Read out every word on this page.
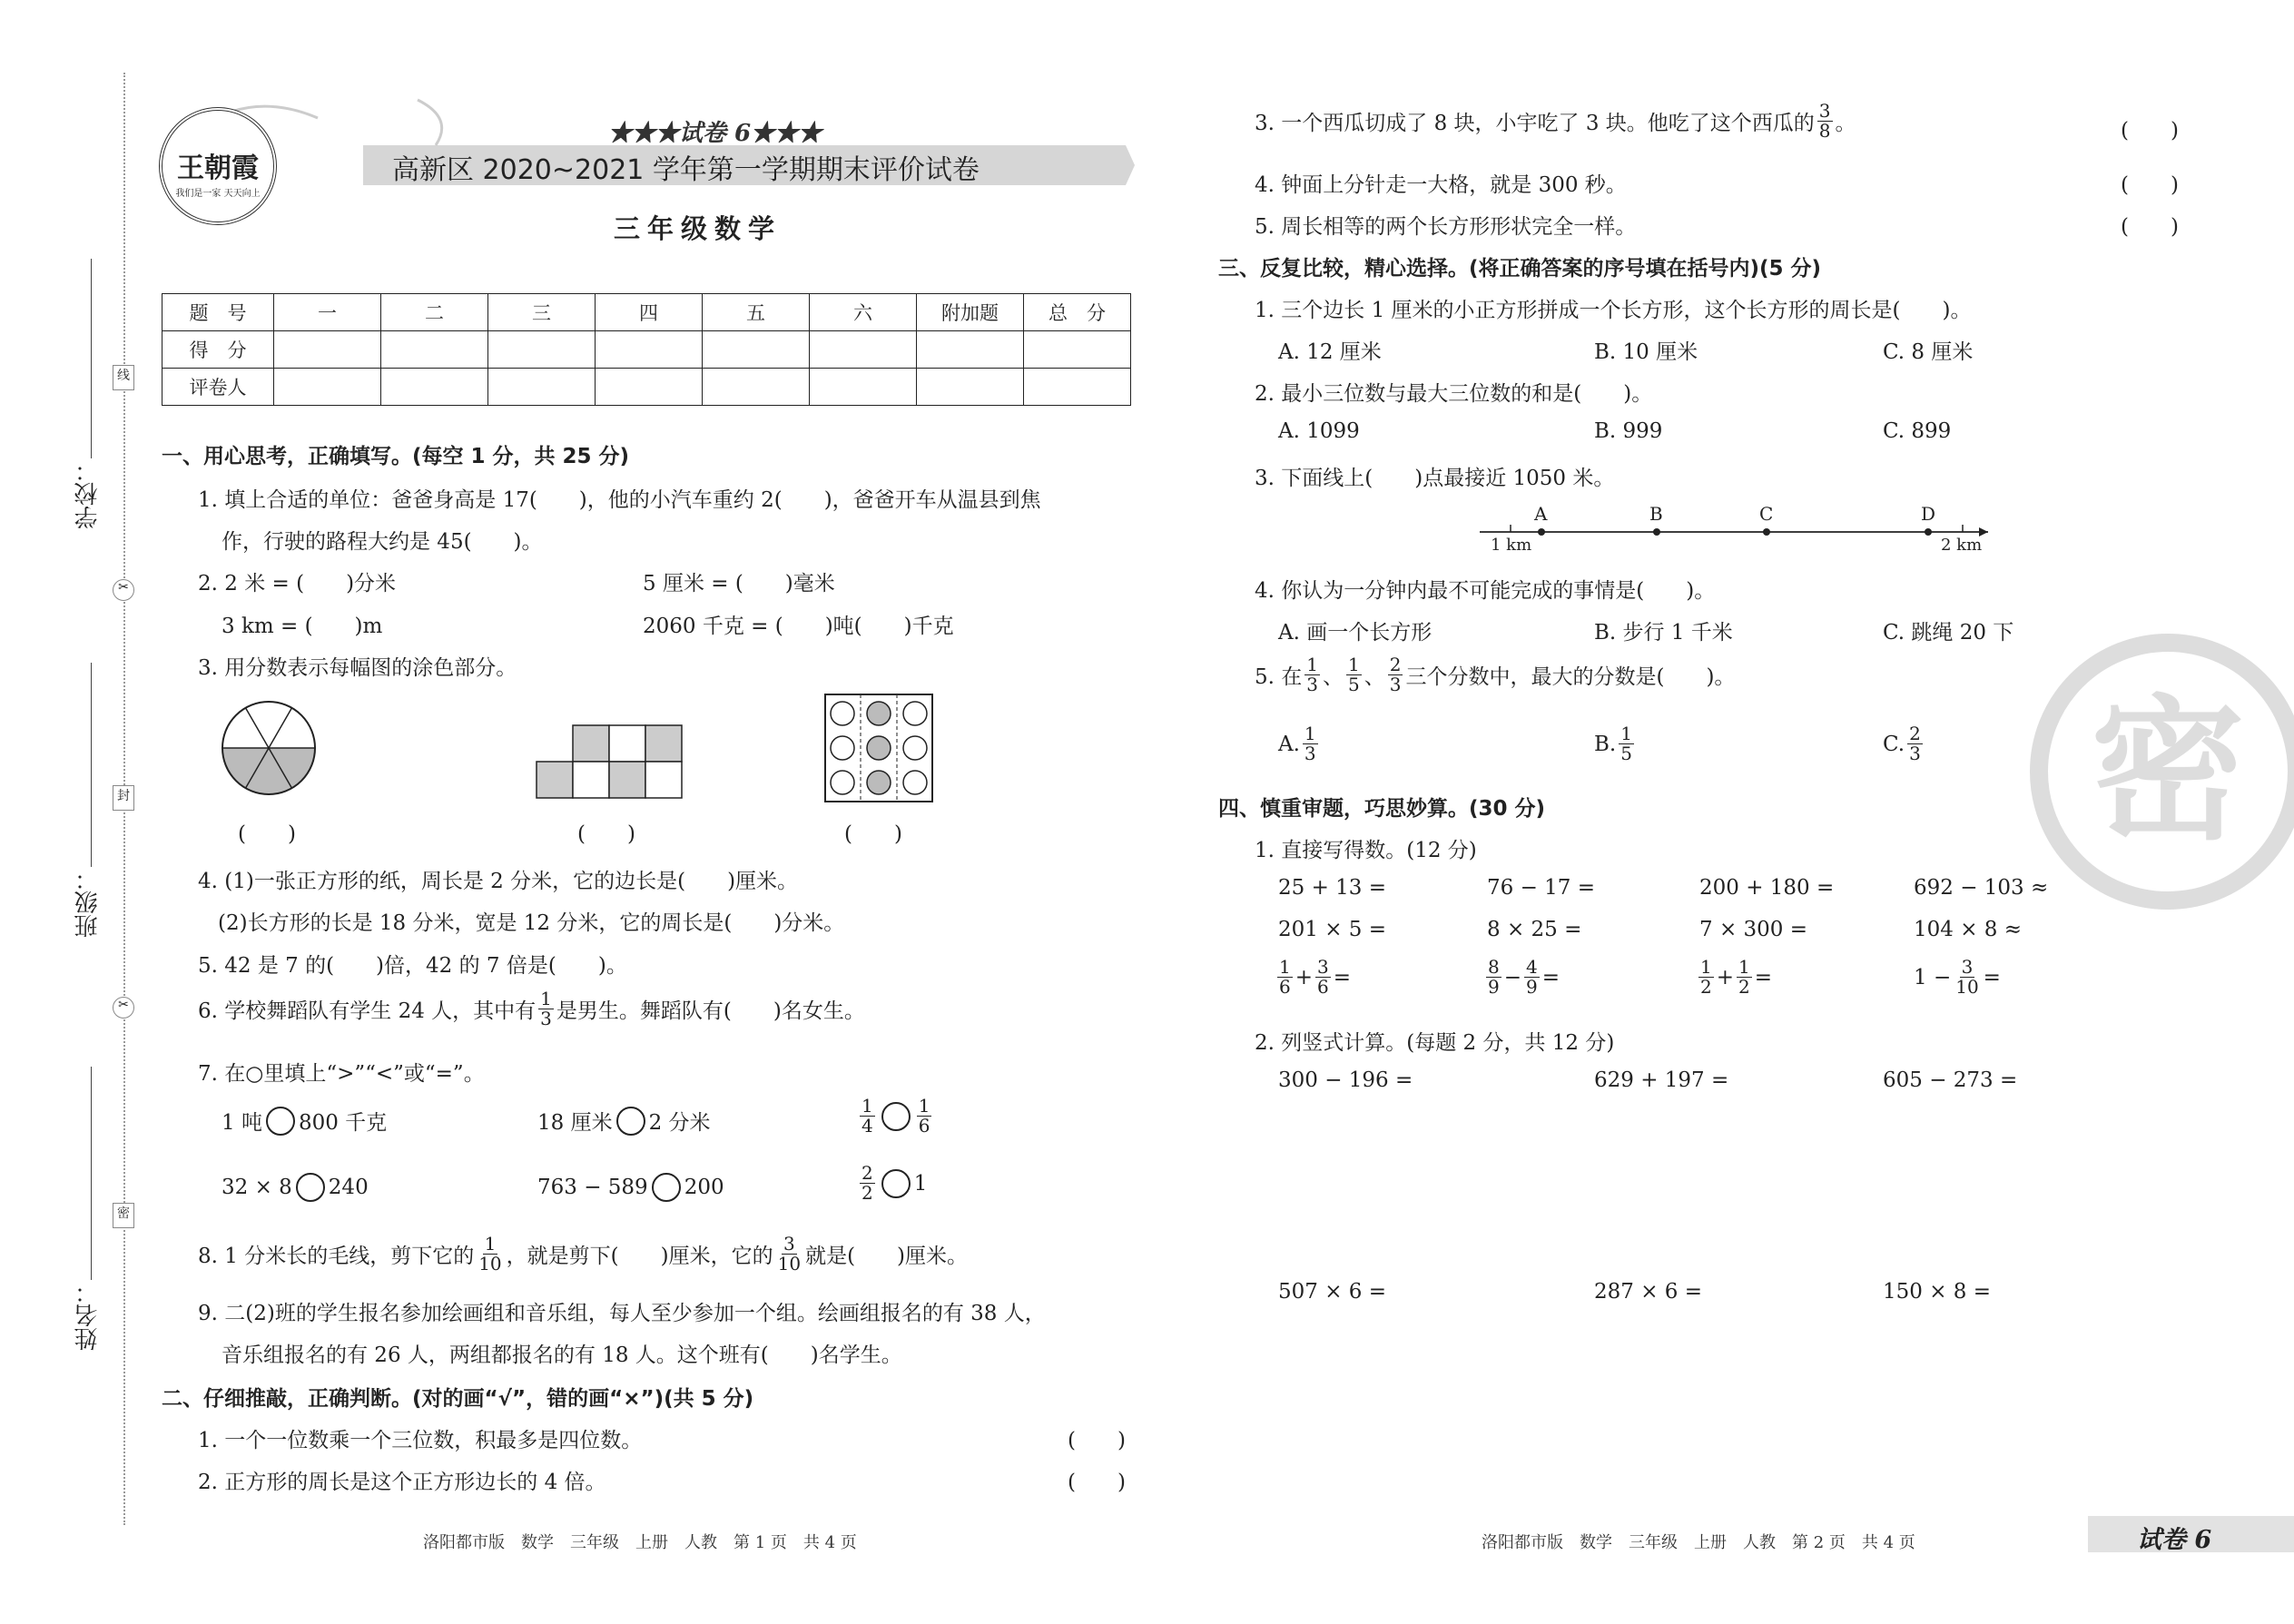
学校：
班级：
姓名：
线
封
密
✂
✂
王朝霞
我们是一家 天天向上
★★★试卷 6★★★
高新区 2020~2021 学年第一学期期末评价试卷
三年级数学
题　号	一	二	三	四	五	六	附加题	总　分
得　分								
评卷人								
一、用心思考，正确填写。(每空 1 分，共 25 分)
1. 填上合适的单位：爸爸身高是 17(　　)，他的小汽车重约 2(　　)，爸爸开车从温县到焦
作，行驶的路程大约是 45(　　)。
2. 2 米 = (　　)分米	5 厘米 = (　　)毫米
3 km = (　　)m	2060 千克 = (　　)吨(　　)千克
3. 用分数表示每幅图的涂色部分。
(　　)	(　　)	(　　)
4. (1)一张正方形的纸，周长是 2 分米，它的边长是(　　)厘米。
(2)长方形的长是 18 分米，宽是 12 分米，它的周长是(　　)分米。
5. 42 是 7 的(　　)倍，42 的 7 倍是(　　)。
6. 学校舞蹈队有学生 24 人，其中有 $\frac{1}{3}$ 是男生。舞蹈队有(　　)名女生。
7. 在○里填上“>”“<”或“=”。
1 吨 800 千克	18 厘米 2 分米	$\frac{1}{4} \frac{1}{6}$
32 × 8 240	763 − 589 200	$\frac{2}{2} 1$
8. 1 分米长的毛线，剪下它的 $\frac{1}{10}$ ，就是剪下(　　)厘米，它的 $\frac{3}{10}$ 就是(　　)厘米。
9. 二(2)班的学生报名参加绘画组和音乐组，每人至少参加一个组。绘画组报名的有 38 人，
音乐组报名的有 26 人，两组都报名的有 18 人。这个班有(　　)名学生。
二、仔细推敲，正确判断。(对的画“√”，错的画“×”)(共 5 分)
1. 一个一位数乘一个三位数，积最多是四位数。	(　　)
2. 正方形的周长是这个正方形边长的 4 倍。	(　　)
3. 一个西瓜切成了 8 块，小宇吃了 3 块。他吃了这个西瓜的 $\frac{3}{8}$ 。	(　　)
4. 钟面上分针走一大格，就是 300 秒。	(　　)
5. 周长相等的两个长方形形状完全一样。	(　　)
三、反复比较，精心选择。(将正确答案的序号填在括号内)(5 分)
1. 三个边长 1 厘米的小正方形拼成一个长方形，这个长方形的周长是(　　)。
A. 12 厘米	B. 10 厘米	C. 8 厘米
2. 最小三位数与最大三位数的和是(　　)。
A. 1099	B. 999	C. 899
3. 下面线上(　　)点最接近 1050 米。
A	B	C	D
1 km	2 km
4. 你认为一分钟内最不可能完成的事情是(　　)。
A. 画一个长方形	B. 步行 1 千米	C. 跳绳 20 下
5. 在 $\frac{1}{3}$ 、 $\frac{1}{5}$ 、 $\frac{2}{3}$ 三个分数中，最大的分数是(　　)。
A. $\frac{1}{3}$	B. $\frac{1}{5}$	C. $\frac{2}{3}$
四、慎重审题，巧思妙算。(30 分)
1. 直接写得数。(12 分)
25 + 13 =	76 − 17 =	200 + 180 =	692 − 103 ≈
201 × 5 =	8 × 25 =	7 × 300 =	104 × 8 ≈
$\frac{1}{6} + \frac{3}{6}$ =	$\frac{8}{9} - \frac{4}{9}$ =	$\frac{1}{2} + \frac{1}{2}$ =	$1 - \frac{3}{10}$ =
2. 列竖式计算。(每题 2 分，共 12 分)
300 − 196 =	629 + 197 =	605 − 273 =
507 × 6 =	287 × 6 =	150 × 8 =
密
洛阳都市版　数学　三年级　上册　人教　第 1 页　共 4 页	洛阳都市版　数学　三年级　上册　人教　第 2 页　共 4 页	试卷 6
